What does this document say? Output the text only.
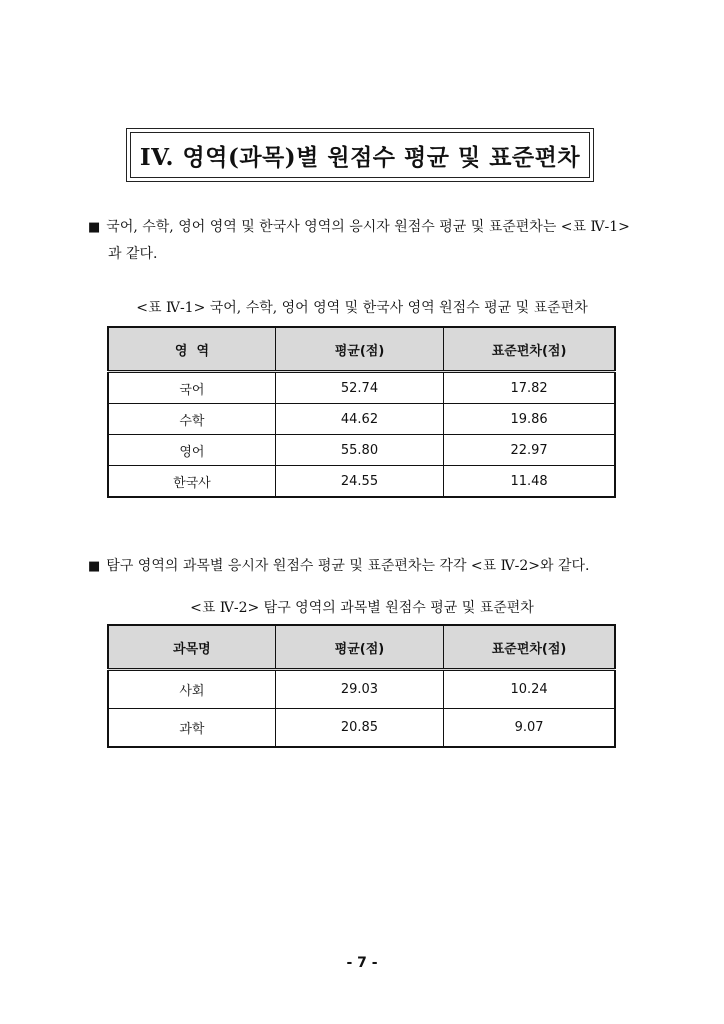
IV. 영역(과목)별 원점수 평균 및 표준편차
■ 국어, 수학, 영어 영역 및 한국사 영역의 응시자 원점수 평균 및 표준편차는 <표 Ⅳ-1>
과 같다.
<표 Ⅳ-1> 국어, 수학, 영어 영역 및 한국사 영역 원점수 평균 및 표준편차
영  역	평균(점)	표준편차(점)
국어	52.74	17.82
수학	44.62	19.86
영어	55.80	22.97
한국사	24.55	11.48
■ 탐구 영역의 과목별 응시자 원점수 평균 및 표준편차는 각각 <표 Ⅳ-2>와 같다.
<표 Ⅳ-2> 탐구 영역의 과목별 원점수 평균 및 표준편차
과목명	평균(점)	표준편차(점)
사회	29.03	10.24
과학	20.85	9.07
- 7 -
